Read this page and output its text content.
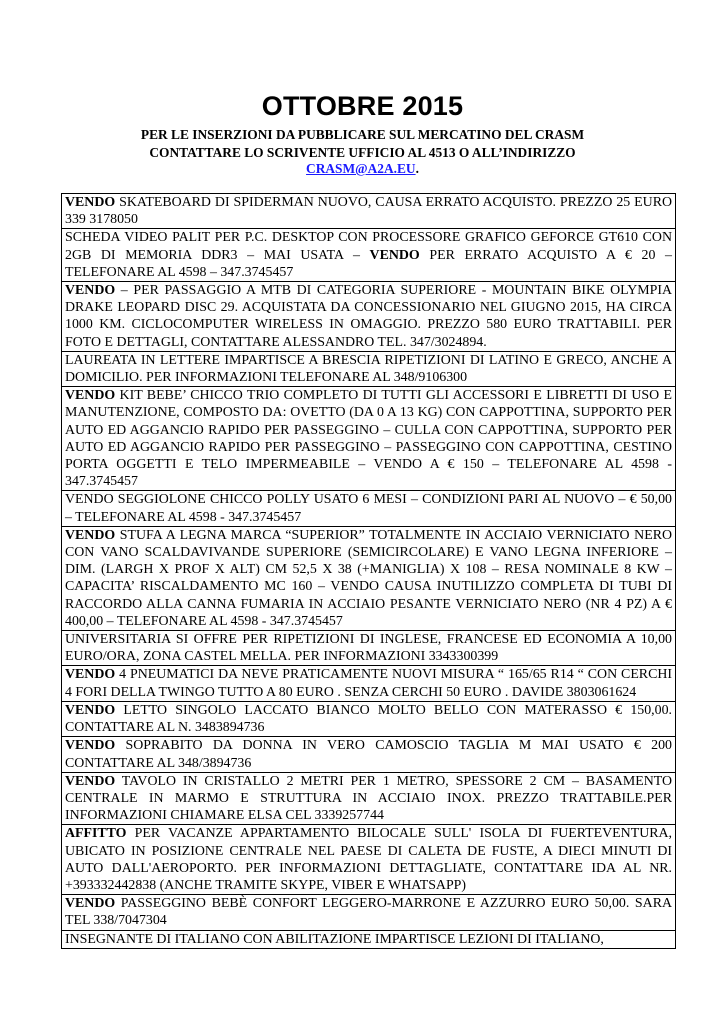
OTTOBRE 2015

PER LE INSERZIONI DA PUBBLICARE SUL MERCATINO DEL CRASM

CONTATTARE LO SCRIVENTE UFFICIO AL 4513 O ALL’INDIRIZZO

CRASM@A2A.EU.

VENDO SKATEBOARD DI SPIDERMAN NUOVO, CAUSA ERRATO ACQUISTO. PREZZO 25 EURO 339 3178050
SCHEDA VIDEO PALIT PER P.C. DESKTOP CON PROCESSORE GRAFICO GEFORCE GT610 CON 2GB DI MEMORIA DDR3 – MAI USATA – VENDO PER ERRATO ACQUISTO A € 20 – TELEFONARE AL 4598 – 347.3745457
VENDO – PER PASSAGGIO A MTB DI CATEGORIA SUPERIORE - MOUNTAIN BIKE OLYMPIA DRAKE LEOPARD DISC 29. ACQUISTATA DA CONCESSIONARIO NEL GIUGNO 2015, HA CIRCA 1000 KM. CICLOCOMPUTER WIRELESS IN OMAGGIO. PREZZO 580 EURO TRATTABILI. PER FOTO E DETTAGLI, CONTATTARE ALESSANDRO TEL. 347/3024894.
LAUREATA IN LETTERE IMPARTISCE A BRESCIA RIPETIZIONI DI LATINO E GRECO, ANCHE A DOMICILIO. PER INFORMAZIONI TELEFONARE AL 348/9106300
VENDO KIT BEBE’ CHICCO TRIO COMPLETO DI TUTTI GLI ACCESSORI E LIBRETTI DI USO E MANUTENZIONE, COMPOSTO DA: OVETTO (DA 0 A 13 KG) CON CAPPOTTINA, SUPPORTO PER AUTO ED AGGANCIO RAPIDO PER PASSEGGINO – CULLA CON CAPPOTTINA, SUPPORTO PER AUTO ED AGGANCIO RAPIDO PER PASSEGGINO – PASSEGGINO CON CAPPOTTINA, CESTINO PORTA OGGETTI E TELO IMPERMEABILE – VENDO A € 150 – TELEFONARE AL 4598 - 347.3745457
VENDO SEGGIOLONE CHICCO POLLY USATO 6 MESI – CONDIZIONI PARI AL NUOVO – € 50,00 – TELEFONARE AL 4598 - 347.3745457
VENDO STUFA A LEGNA MARCA “SUPERIOR” TOTALMENTE IN ACCIAIO VERNICIATO NERO CON VANO SCALDAVIVANDE SUPERIORE (SEMICIRCOLARE) E VANO LEGNA INFERIORE – DIM. (LARGH X PROF X ALT) CM 52,5 X 38 (+MANIGLIA) X 108 – RESA NOMINALE 8 KW – CAPACITA’ RISCALDAMENTO MC 160 – VENDO CAUSA INUTILIZZO COMPLETA DI TUBI DI RACCORDO ALLA CANNA FUMARIA IN ACCIAIO PESANTE VERNICIATO NERO (NR 4 PZ) A € 400,00 – TELEFONARE AL 4598 - 347.3745457
UNIVERSITARIA SI OFFRE PER RIPETIZIONI DI INGLESE, FRANCESE ED ECONOMIA A 10,00 EURO/ORA, ZONA CASTEL MELLA. PER INFORMAZIONI 3343300399
VENDO 4 PNEUMATICI DA NEVE PRATICAMENTE NUOVI MISURA “ 165/65 R14 “ CON CERCHI 4 FORI DELLA TWINGO TUTTO A 80 EURO . SENZA CERCHI 50 EURO . DAVIDE 3803061624
VENDO LETTO SINGOLO LACCATO BIANCO MOLTO BELLO CON MATERASSO € 150,00. CONTATTARE AL N. 3483894736
VENDO SOPRABITO DA DONNA IN VERO CAMOSCIO TAGLIA M MAI USATO € 200 CONTATTARE AL 348/3894736
VENDO TAVOLO IN CRISTALLO 2 METRI PER 1 METRO, SPESSORE 2 CM – BASAMENTO CENTRALE IN MARMO E STRUTTURA IN ACCIAIO INOX. PREZZO TRATTABILE.PER INFORMAZIONI CHIAMARE ELSA CEL 3339257744
AFFITTO PER VACANZE APPARTAMENTO BILOCALE SULL' ISOLA DI FUERTEVENTURA, UBICATO IN POSIZIONE CENTRALE NEL PAESE DI CALETA DE FUSTE, A DIECI MINUTI DI AUTO DALL'AEROPORTO. PER INFORMAZIONI DETTAGLIATE, CONTATTARE IDA AL NR. +393332442838 (ANCHE TRAMITE SKYPE, VIBER E WHATSAPP)
VENDO PASSEGGINO BEBÈ CONFORT LEGGERO-MARRONE E AZZURRO EURO 50,00. SARA TEL 338/7047304
INSEGNANTE DI ITALIANO CON ABILITAZIONE IMPARTISCE LEZIONI DI ITALIANO,
